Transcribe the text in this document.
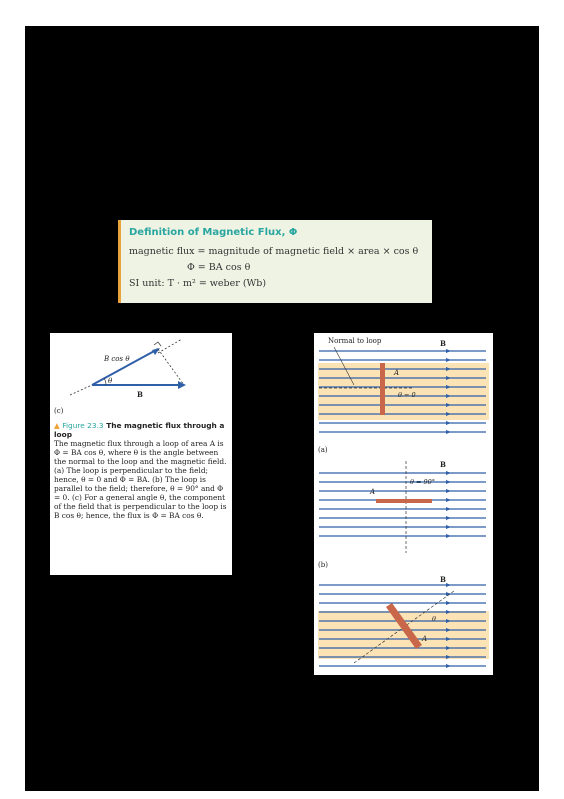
Definition of Magnetic Flux, Φ
magnetic flux = magnitude of magnetic field × area × cos θ
Φ = BA cos θ
SI unit: T · m² = weber (Wb)
θ
B cos θ
B
(c)
▲ Figure 23.3 The magnetic flux through a loop
The magnetic flux through a loop of area A is Φ = BA cos θ, where θ is the angle between the normal to the loop and the magnetic field. (a) The loop is perpendicular to the field; hence, θ = 0 and Φ = BA. (b) The loop is parallel to the field; therefore, θ = 90° and Φ = 0. (c) For a general angle θ, the component of the field that is perpendicular to the loop is B cos θ; hence, the flux is Φ = BA cos θ.
Normal to loop	B
A
θ = 0
B
A
θ = 90°
B
A
θ
(a)
(b)
